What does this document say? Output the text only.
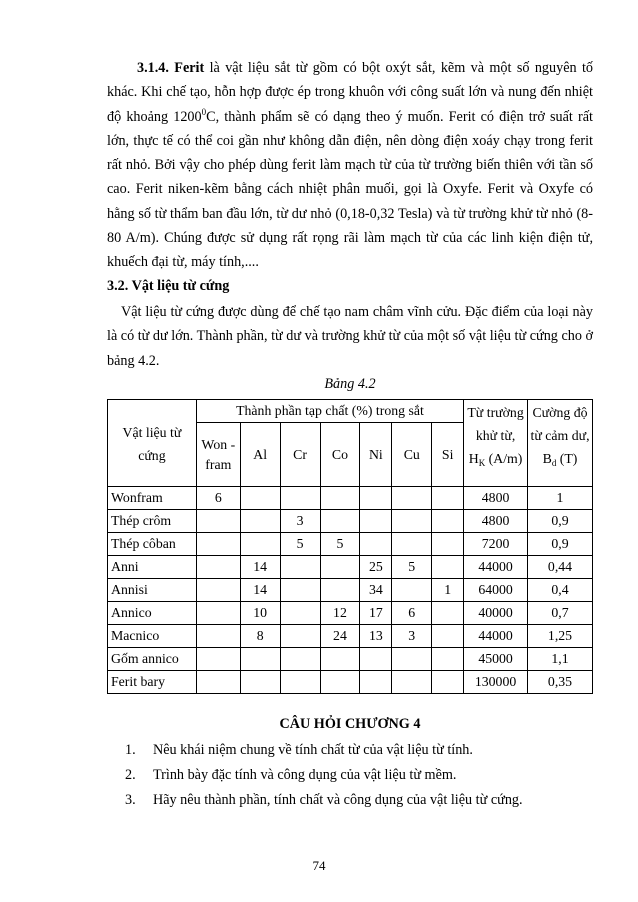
3.1.4. Ferit là vật liệu sắt từ gồm có bột oxýt sắt, kẽm và một số nguyên tố khác. Khi chế tạo, hỗn hợp được ép trong khuôn với công suất lớn và nung đến nhiệt độ khoảng 1200$^0$C, thành phẩm sẽ có dạng theo ý muốn. Ferit có điện trở suất rất lớn, thực tế có thể coi gần như không dẫn điện, nên dòng điện xoáy chạy trong ferit rất nhỏ. Bởi vậy cho phép dùng ferit làm mạch từ của từ trường biến thiên với tần số cao. Ferit niken-kẽm bằng cách nhiệt phân muối, gọi là Oxyfe. Ferit và Oxyfe có hằng số từ thẩm ban đầu lớn, từ dư nhỏ (0,18-0,32 Tesla) và từ trường khử từ nhỏ (8-80 A/m). Chúng được sử dụng rất rọng rãi làm mạch từ của các linh kiện điện tử, khuếch đại từ, máy tính,....

3.2. Vật liệu từ cứng

Vật liệu từ cứng được dùng để chế tạo nam châm vĩnh cửu. Đặc điểm của loại này là có từ dư lớn. Thành phần, từ dư và trường khử từ của một số vật liệu từ cứng cho ở bảng 4.2.

Bảng 4.2

Vật liệu từ cứng	Thành phần tạp chất (%) trong sắt							Từ trường khử từ,
$H_K$ (A/m)	Cường độ từ cảm dư,
$B_d$ (T)
	Won -fram	Al	Cr	Co	Ni	Cu	Si		
Wonfram	6							4800	1
Thép crôm			3					4800	0,9
Thép côban			5	5				7200	0,9
Anni		14			25	5		44000	0,44
Annisi		14			34		1	64000	0,4
Annico		10		12	17	6		40000	0,7
Macnico		8		24	13	3		44000	1,25
Gốm annico								45000	1,1
Ferit bary								130000	0,35

CÂU HỎI CHƯƠNG 4

1. Nêu khái niệm chung về tính chất từ của vật liệu từ tính.
2. Trình bày đặc tính và công dụng của vật liệu từ mềm.
3. Hãy nêu thành phần, tính chất và công dụng của vật liệu từ cứng.

74
